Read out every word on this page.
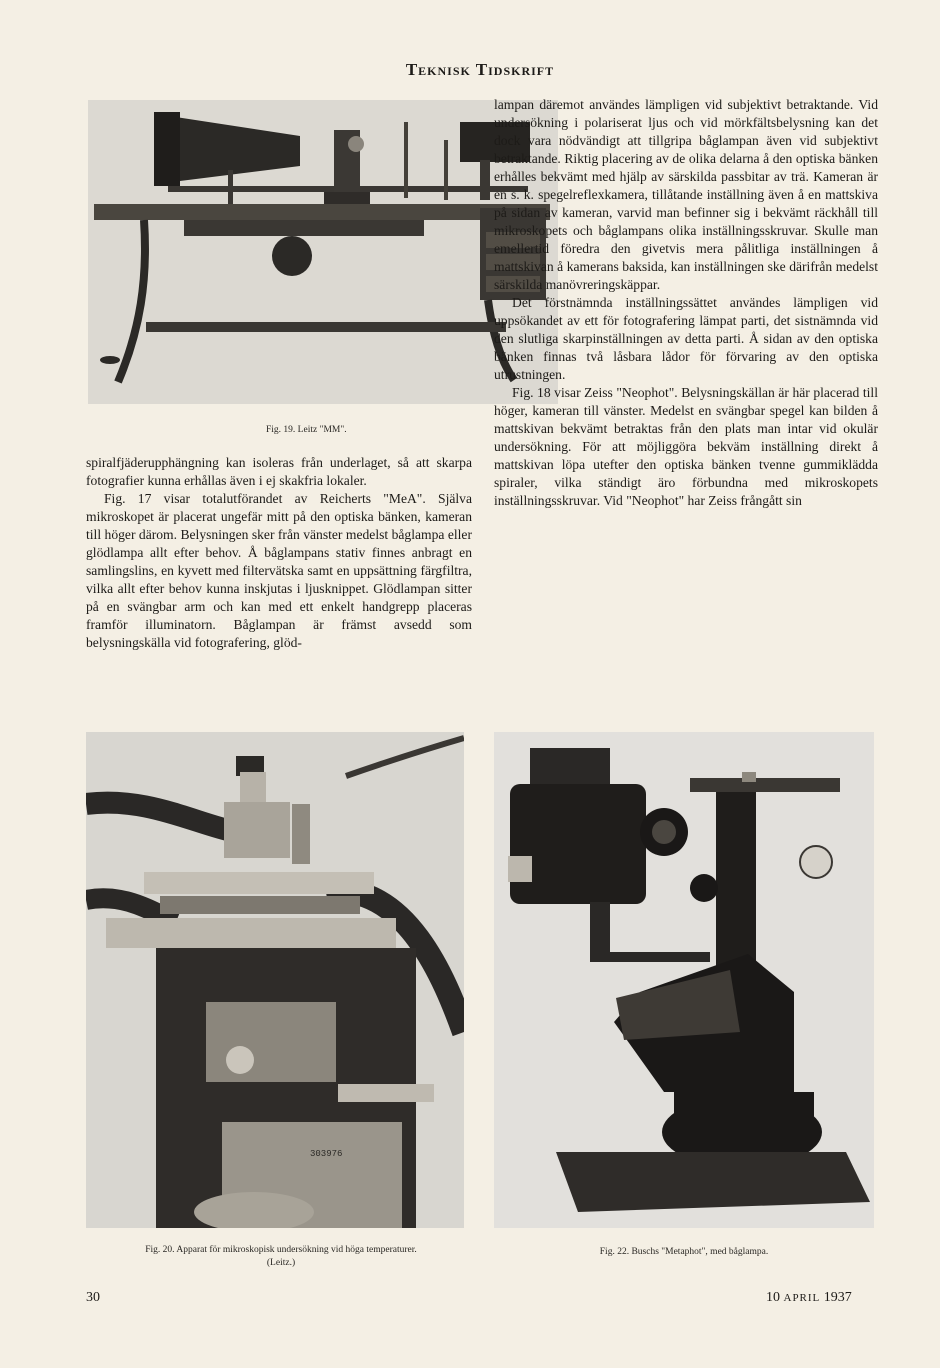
Teknisk Tidskrift
Fig. 19. Leitz "MM".

spiralfjäderupphängning kan isoleras från underlaget, så att skarpa fotografier kunna erhållas även i ej skakfria lokaler.

Fig. 17 visar totalutförandet av Reicherts "MeA". Själva mikroskopet är placerat ungefär mitt på den optiska bänken, kameran till höger därom. Belysningen sker från vänster medelst båglampa eller glödlampa allt efter behov. Å båglampans stativ finnes anbragt en samlingslins, en kyvett med filtervätska samt en uppsättning färgfiltra, vilka allt efter behov kunna inskjutas i ljusknippet. Glödlampan sitter på en svängbar arm och kan med ett enkelt handgrepp placeras framför illuminatorn. Båglampan är främst avsedd som belysningskälla vid fotografering, glöd-

lampan däremot användes lämpligen vid subjektivt betraktande. Vid undersökning i polariserat ljus och vid mörkfältsbelysning kan det dock vara nödvändigt att tillgripa båglampan även vid subjektivt betraktande. Riktig placering av de olika delarna å den optiska bänken erhålles bekvämt med hjälp av särskilda passbitar av trä. Kameran är en s. k. spegelreflexkamera, tillåtande inställning även å en mattskiva på sidan av kameran, varvid man befinner sig i bekvämt räckhåll till mikroskopets och båglampans olika inställningsskruvar. Skulle man emellertid föredra den givetvis mera pålitliga inställningen å mattskivan å kamerans baksida, kan inställningen ske därifrån medelst särskilda manövreringskäppar.

Det förstnämnda inställningssättet användes lämpligen vid uppsökandet av ett för fotografering lämpat parti, det sistnämnda vid den slutliga skarpinställningen av detta parti. Å sidan av den optiska bänken finnas två låsbara lådor för förvaring av den optiska utrustningen.

Fig. 18 visar Zeiss "Neophot". Belysningskällan är här placerad till höger, kameran till vänster. Medelst en svängbar spegel kan bilden å mattskivan bekvämt betraktas från den plats man intar vid okulär undersökning. För att möjliggöra bekväm inställning direkt å mattskivan löpa utefter den optiska bänken tvenne gummiklädda spiraler, vilka ständigt äro förbundna med mikroskopets inställningsskruvar. Vid "Neophot" har Zeiss frångått sin

303976
Fig. 20. Apparat för mikroskopisk undersökning vid höga temperaturer.
(Leitz.)
Fig. 22. Buschs "Metaphot", med båglampa.
30	10 APRIL 1937
